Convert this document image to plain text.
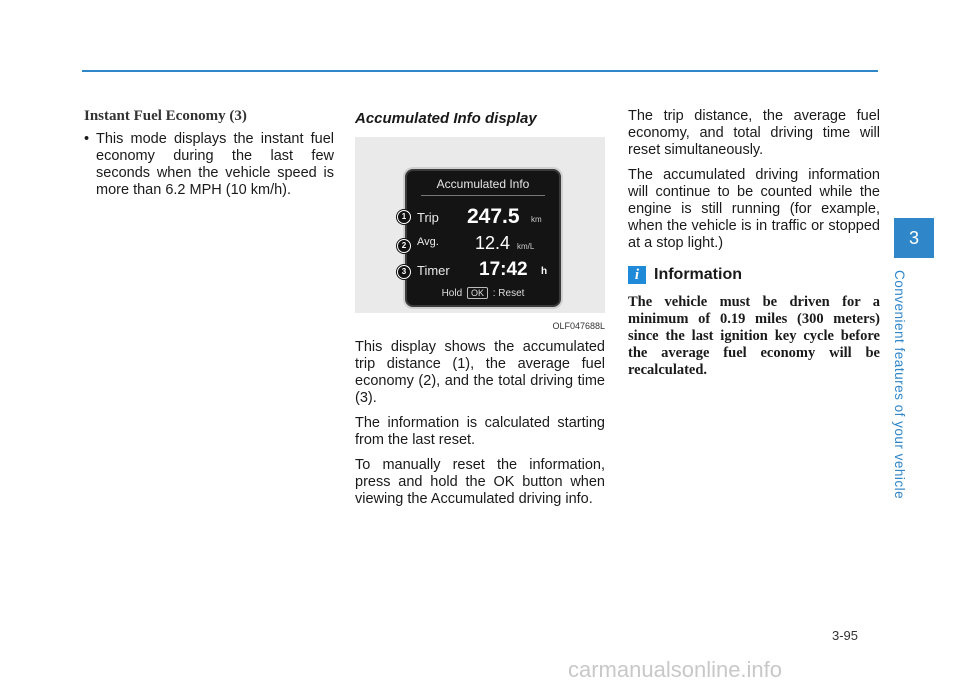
Instant Fuel Economy (3)

• This mode displays the instant fuel economy during the last few seconds when the vehicle speed is more than 6.2 MPH (10 km/h).

Accumulated Info display

Accumulated Info
Trip 247.5 km
Avg. 12.4 km/L
Timer 17:42 h
Hold OK : Reset
1
2
3
OLF047688L

This display shows the accumulated trip distance (1), the average fuel economy (2), and the total driving time (3).

The information is calculated starting from the last reset.

To manually reset the information, press and hold the OK button when viewing the Accumulated driving info.

The trip distance, the average fuel economy, and total driving time will reset simultaneously.

The accumulated driving information will continue to be counted while the engine is still running (for example, when the vehicle is in traffic or stopped at a stop light.)

i Information

The vehicle must be driven for a minimum of 0.19 miles (300 meters) since the last ignition key cycle before the average fuel economy will be recalculated.

3
Convenient features of your vehicle
3-95
carmanualsonline.info
